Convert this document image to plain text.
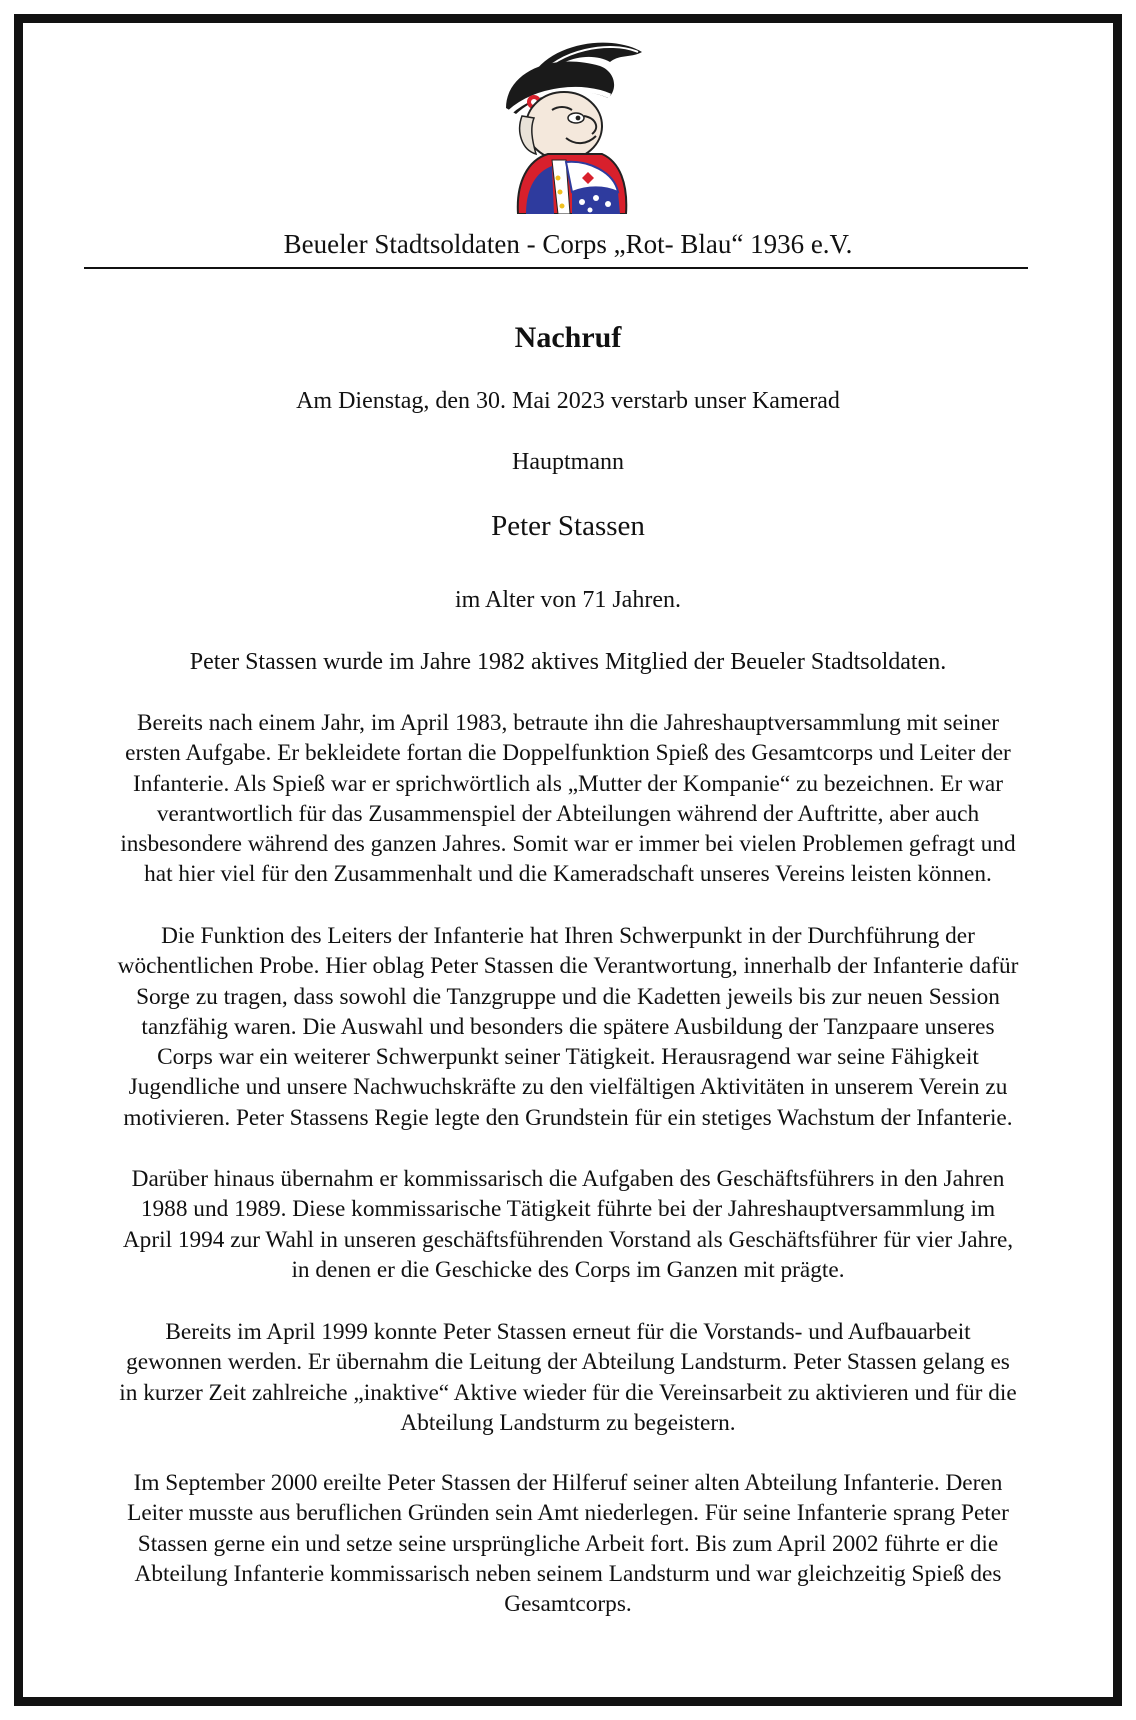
Beueler Stadtsoldaten - Corps „Rot- Blau“ 1936 e.V.
Nachruf
Am Dienstag, den 30. Mai 2023 verstarb unser Kamerad
Hauptmann
Peter Stassen
im Alter von 71 Jahren.
Peter Stassen wurde im Jahre 1982 aktives Mitglied der Beueler Stadtsoldaten.

Bereits nach einem Jahr, im April 1983, betraute ihn die Jahreshauptversammlung mit seiner

ersten Aufgabe. Er bekleidete fortan die Doppelfunktion Spieß des Gesamtcorps und Leiter der

Infanterie. Als Spieß war er sprichwörtlich als „Mutter der Kompanie“ zu bezeichnen. Er war

verantwortlich für das Zusammenspiel der Abteilungen während der Auftritte, aber auch

insbesondere während des ganzen Jahres. Somit war er immer bei vielen Problemen gefragt und

hat hier viel für den Zusammenhalt und die Kameradschaft unseres Vereins leisten können.

Die Funktion des Leiters der Infanterie hat Ihren Schwerpunkt in der Durchführung der

wöchentlichen Probe. Hier oblag Peter Stassen die Verantwortung, innerhalb der Infanterie dafür

Sorge zu tragen, dass sowohl die Tanzgruppe und die Kadetten jeweils bis zur neuen Session

tanzfähig waren. Die Auswahl und besonders die spätere Ausbildung der Tanzpaare unseres

Corps war ein weiterer Schwerpunkt seiner Tätigkeit. Herausragend war seine Fähigkeit

Jugendliche und unsere Nachwuchskräfte zu den vielfältigen Aktivitäten in unserem Verein zu

motivieren. Peter Stassens Regie legte den Grundstein für ein stetiges Wachstum der Infanterie.

Darüber hinaus übernahm er kommissarisch die Aufgaben des Geschäftsführers in den Jahren

1988 und 1989. Diese kommissarische Tätigkeit führte bei der Jahreshauptversammlung im

April 1994 zur Wahl in unseren geschäftsführenden Vorstand als Geschäftsführer für vier Jahre,

in denen er die Geschicke des Corps im Ganzen mit prägte.

Bereits im April 1999 konnte Peter Stassen erneut für die Vorstands- und Aufbauarbeit

gewonnen werden. Er übernahm die Leitung der Abteilung Landsturm. Peter Stassen gelang es

in kurzer Zeit zahlreiche „inaktive“ Aktive wieder für die Vereinsarbeit zu aktivieren und für die

Abteilung Landsturm zu begeistern.

Im September 2000 ereilte Peter Stassen der Hilferuf seiner alten Abteilung Infanterie. Deren

Leiter musste aus beruflichen Gründen sein Amt niederlegen. Für seine Infanterie sprang Peter

Stassen gerne ein und setze seine ursprüngliche Arbeit fort. Bis zum April 2002 führte er die

Abteilung Infanterie kommissarisch neben seinem Landsturm und war gleichzeitig Spieß des

Gesamtcorps.
